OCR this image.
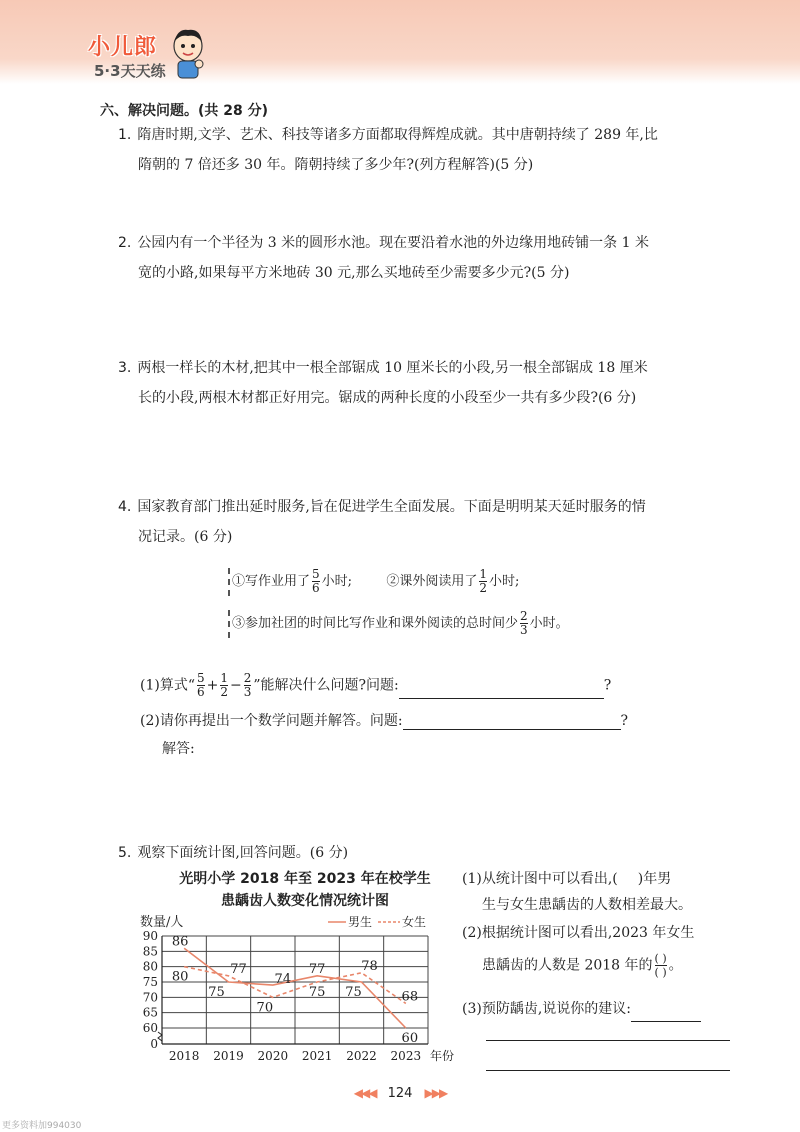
小儿郎
5·3天天练
六、解决问题。(共 28 分)
1. 隋唐时期,文学、艺术、科技等诸多方面都取得辉煌成就。其中唐朝持续了 289 年,比
隋朝的 7 倍还多 30 年。隋朝持续了多少年?(列方程解答)(5 分)
2. 公园内有一个半径为 3 米的圆形水池。现在要沿着水池的外边缘用地砖铺一条 1 米
宽的小路,如果每平方米地砖 30 元,那么买地砖至少需要多少元?(5 分)
3. 两根一样长的木材,把其中一根全部锯成 10 厘米长的小段,另一根全部锯成 18 厘米
长的小段,两根木材都正好用完。锯成的两种长度的小段至少一共有多少段?(6 分)
4. 国家教育部门推出延时服务,旨在促进学生全面发展。下面是明明某天延时服务的情
况记录。(6 分)
①写作业用了 $\frac{5}{6}$ 小时;	②课外阅读用了 $\frac{1}{2}$ 小时;
③参加社团的时间比写作业和课外阅读的总时间少 $\frac{2}{3}$ 小时。
(1)算式“ $\frac{5}{6} + \frac{1}{2} - \frac{2}{3}$ ”能解决什么问题?问题:	?
(2)请你再提出一个数学问题并解答。问题:	?
解答:
5. 观察下面统计图,回答问题。(6 分)
光明小学 2018 年至 2023 年在校学生
患龋齿人数变化情况统计图
0
60
65
70
75
80
85
90
2018 2019 2020 2021 2022 2023 年份
数量/人	男生 女生
86
75
74
77
75
60
80
77
70
75
78
68
(1)从统计图中可以看出,( )年男
生与女生患龋齿的人数相差最大。
(2)根据统计图可以看出,2023 年女生
患龋齿的人数是 2018 年的 $\frac{( )}{( )}$ 。
(3)预防龋齿,说说你的建议:
◀◀◀ 124 ▶▶▶
更多资料加994030
